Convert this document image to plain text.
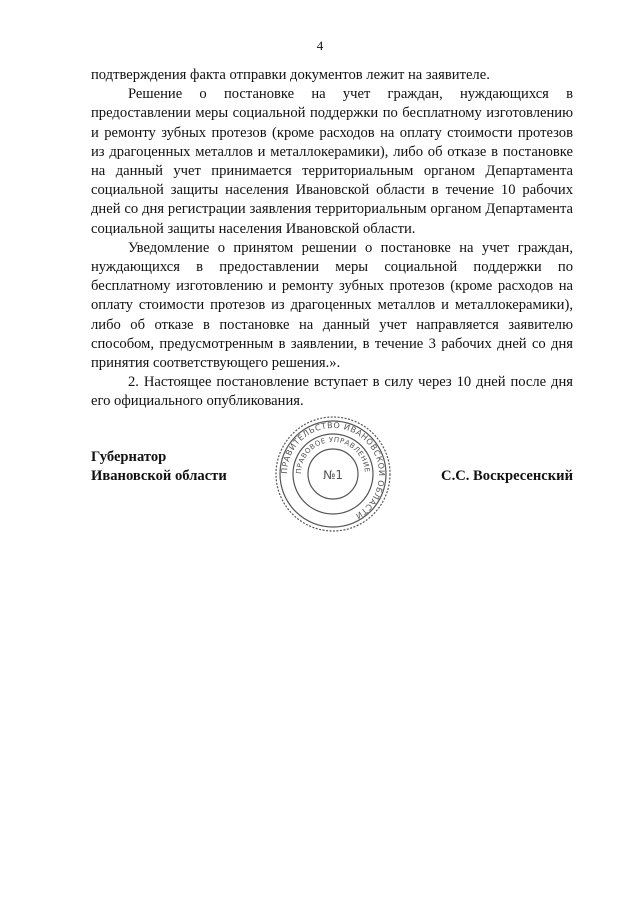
4

подтверждения факта отправки документов лежит на заявителе.

Решение о постановке на учет граждан, нуждающихся в предоставлении меры социальной поддержки по бесплатному изготовлению и ремонту зубных протезов (кроме расходов на оплату стоимости протезов из драгоценных металлов и металлокерамики), либо об отказе в постановке на данный учет принимается территориальным органом Департамента социальной защиты населения Ивановской области в течение 10 рабочих дней со дня регистрации заявления территориальным органом Департамента социальной защиты населения Ивановской области.

Уведомление о принятом решении о постановке на учет граждан, нуждающихся в предоставлении меры социальной поддержки по бесплатному изготовлению и ремонту зубных протезов (кроме расходов на оплату стоимости протезов из драгоценных металлов и металлокерамики), либо об отказе в постановке на данный учет направляется заявителю способом, предусмотренным в заявлении, в течение 3 рабочих дней со дня принятия соответствующего решения.».

2. Настоящее постановление вступает в силу через 10 дней после дня его официального опубликования.

Губернатор
Ивановской области	ПРАВИТЕЛЬСТВО ИВАНОВСКОЙ ОБЛАСТИ
ПРАВОВОЕ УПРАВЛЕНИЕ
№1	С.С. Воскресенский
